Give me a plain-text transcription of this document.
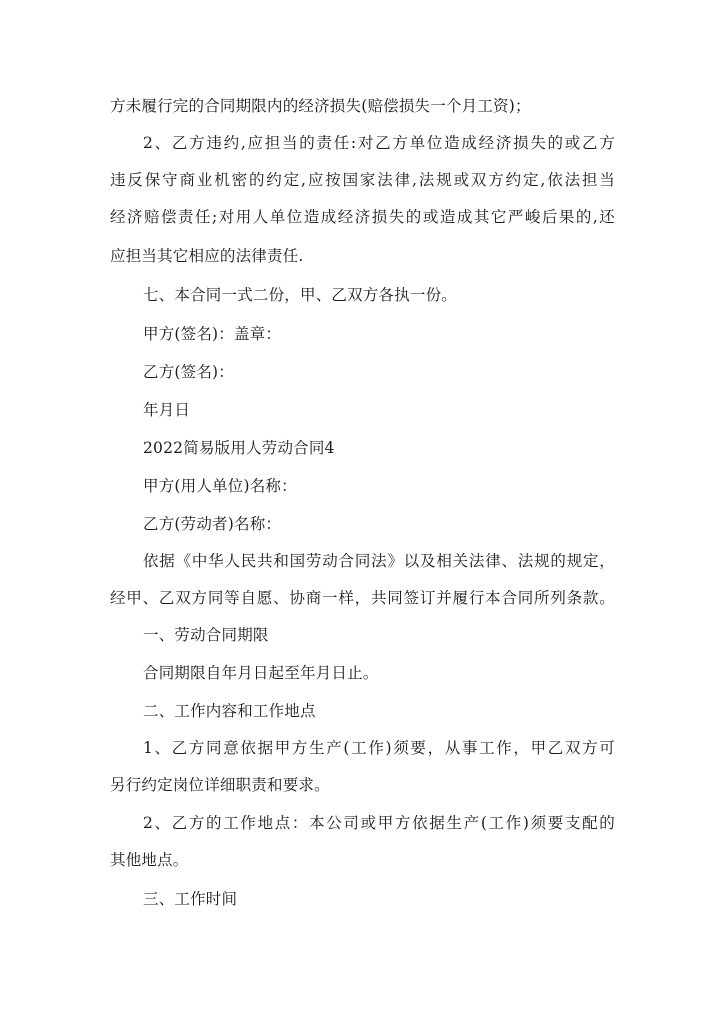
方未履行完的合同期限内的经济损失(赔偿损失一个月工资)；
2、乙方违约,应担当的责任:对乙方单位造成经济损失的或乙方
违反保守商业机密的约定,应按国家法律,法规或双方约定,依法担当
经济赔偿责任;对用人单位造成经济损失的或造成其它严峻后果的,还
应担当其它相应的法律责任.
七、本合同一式二份，甲、乙双方各执一份。
甲方(签名)：盖章：
乙方(签名)：
年月日
2022简易版用人劳动合同4
甲方(用人单位)名称：
乙方(劳动者)名称：
依据《中华人民共和国劳动合同法》以及相关法律、法规的规定，
经甲、乙双方同等自愿、协商一样，共同签订并履行本合同所列条款。
一、劳动合同期限
合同期限自年月日起至年月日止。
二、工作内容和工作地点
1、乙方同意依据甲方生产(工作)须要，从事工作，甲乙双方可
另行约定岗位详细职责和要求。
2、乙方的工作地点：本公司或甲方依据生产(工作)须要支配的
其他地点。
三、工作时间
